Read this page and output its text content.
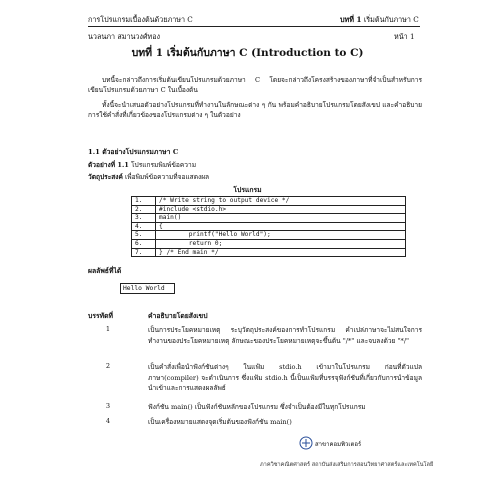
การโปรแกรมเบื้องต้นด้วยภาษา C
นวลนภา สมานวงศ์ทอง
บทที่ 1 เริ่มต้นกับภาษา C
หน้า 1
บทที่ 1 เริ่มต้นกับภาษา C (Introduction to C)
บทนี้จะกล่าวถึงการเริ่มต้นเขียนโปรแกรมด้วยภาษา C โดยจะกล่าวถึงโครงสร้างของภาษาที่จำเป็นสำหรับการเขียนโปรแกรมด้วยภาษา C ในเบื้องต้น
ทั้งนี้จะนำเสนอตัวอย่างโปรแกรมที่ทำงานในลักษณะต่าง ๆ กัน พร้อมคำอธิบายโปรแกรมโดยสังเขป และคำอธิบายการใช้คำสั่งที่เกี่ยวข้องของโปรแกรมต่าง ๆ ในตัวอย่าง
1.1 ตัวอย่างโปรแกรมภาษา C
ตัวอย่างที่ 1.1 โปรแกรมพิมพ์ข้อความ
วัตถุประสงค์ เพื่อพิมพ์ข้อความที่จอแสดงผล
โปรแกรม
1.	/* Write string to output device */
2.	#include <stdio.h>
3.	main()
4.	{
5.	printf("Hello World");
6.	return 0;
7.	} /* End main */
ผลลัพธ์ที่ได้
Hello World
บรรทัดที่	คำอธิบายโดยสังเขป
1	เป็นการประโยคหมายเหตุ ระบุวัตถุประสงค์ของการทำโปรแกรม คำเปล่ภาษาจะไม่สนใจการทำงานของประโยคหมายเหตุ ลักษณะของประโยคหมายเหตุจะขึ้นต้น "/*" และจบลงด้วย "*/"
2	เป็นคำสั่งเพื่อนำฟังก์ชันต่างๆ ในแฟ้ม stdio.h เข้ามาในโปรแกรม ก่อนที่ตัวแปลภาษา(compiler) จะดำเนินการ ซึ่งแฟ้ม stdio.h นี้เป็นแฟ้มที่บรรจุฟังก์ชันที่เกี่ยวกับการนำข้อมูลนำเข้าและการแสดงผลลัพธ์
3	ฟังก์ชัน main() เป็นฟังก์ชันหลักของโปรแกรม ซึ่งจำเป็นต้องมีในทุกโปรแกรม
4	เป็นเครื่องหมายแสดงจุดเริ่มต้นของฟังก์ชัน main()
สาขาคอมพิวเตอร์
ภาควิชาคณิตศาสตร์ สถาบันส่งเสริมการสอนวิทยาศาสตร์และเทคโนโลยี
